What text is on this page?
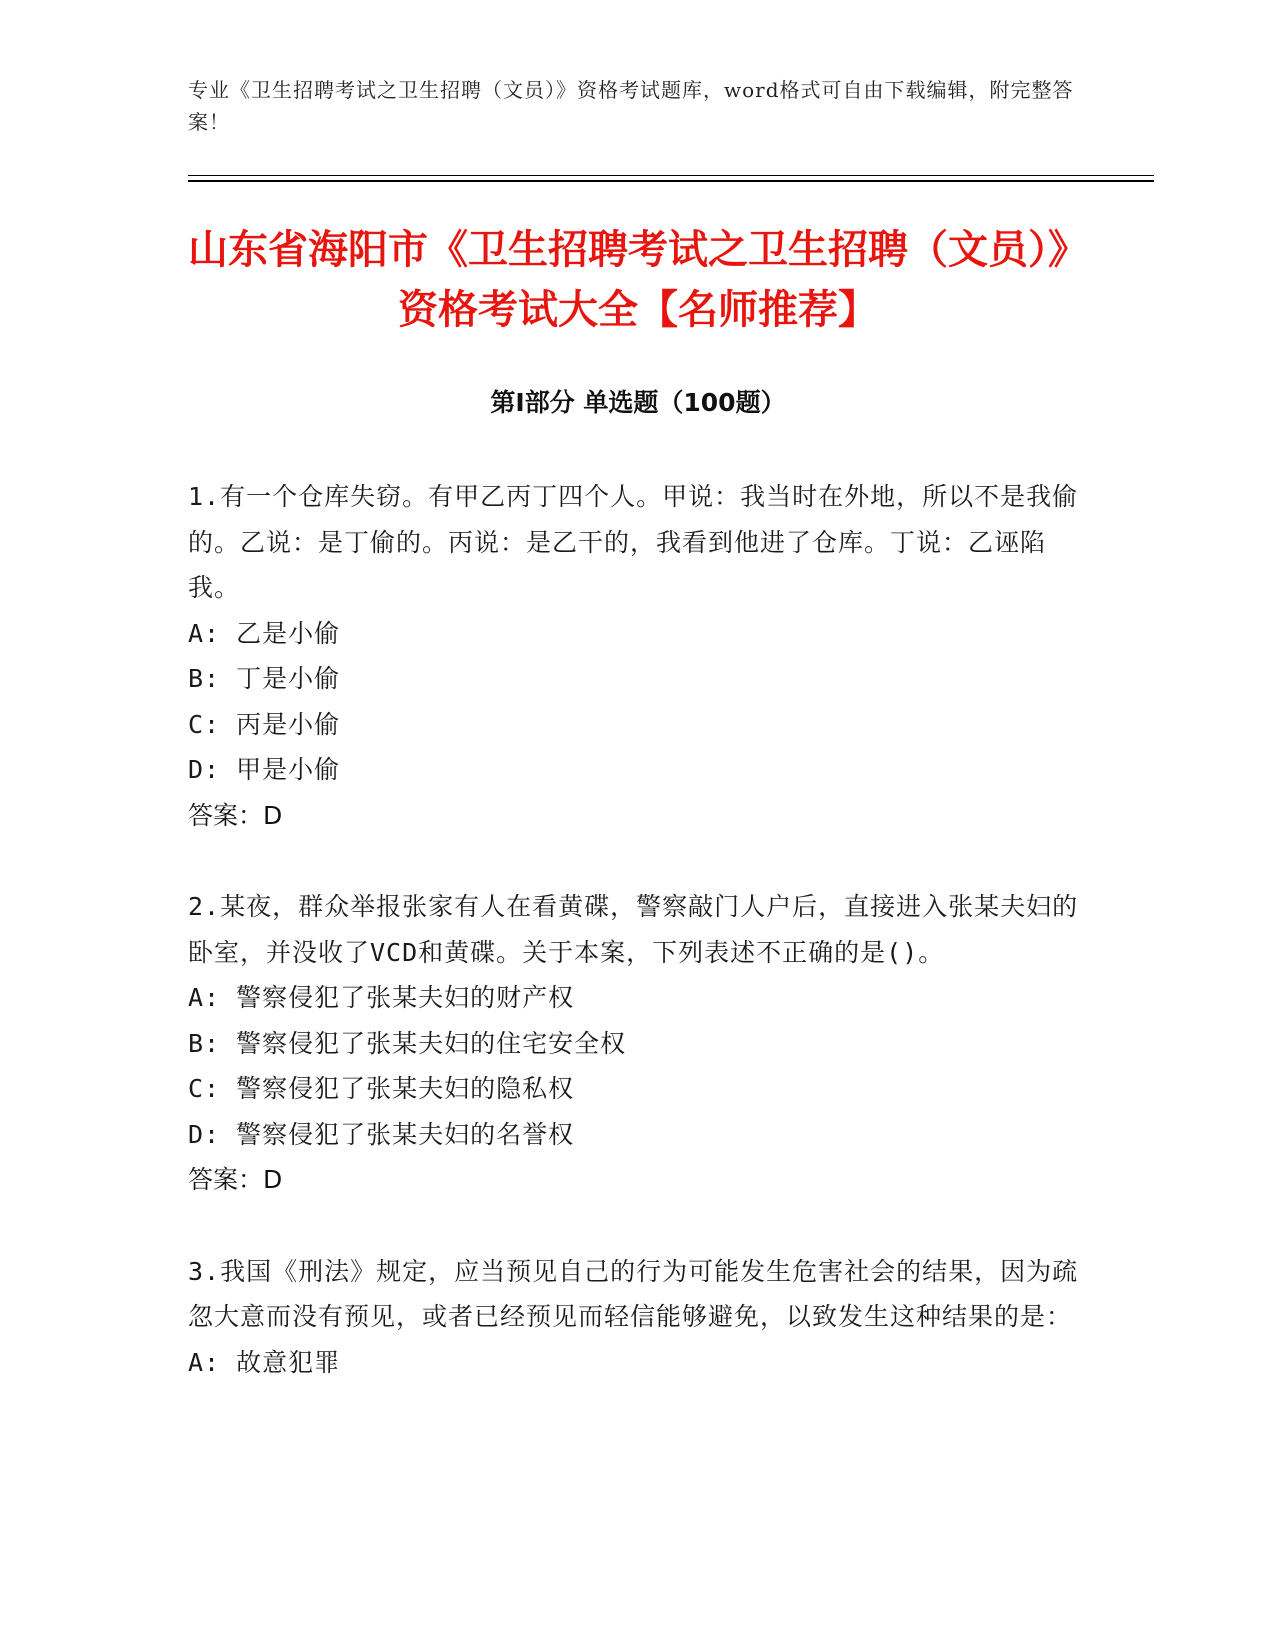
专业《卫生招聘考试之卫生招聘（文员）》资格考试题库，word格式可自由下载编辑，附完整答案！

山东省海阳市《卫生招聘考试之卫生招聘（文员）》资格考试大全【名师推荐】
第I部分 单选题（100题）

1.有一个仓库失窃。有甲乙丙丁四个人。甲说：我当时在外地，所以不是我偷的。乙说：是丁偷的。丙说：是乙干的，我看到他进了仓库。丁说：乙诬陷我。

A: 乙是小偷

B: 丁是小偷

C: 丙是小偷

D: 甲是小偷

答案：D

2.某夜，群众举报张家有人在看黄碟，警察敲门人户后，直接进入张某夫妇的卧室，并没收了VCD和黄碟。关于本案，下列表述不正确的是()。

A: 警察侵犯了张某夫妇的财产权

B: 警察侵犯了张某夫妇的住宅安全权

C: 警察侵犯了张某夫妇的隐私权

D: 警察侵犯了张某夫妇的名誉权

答案：D

3.我国《刑法》规定，应当预见自己的行为可能发生危害社会的结果，因为疏忽大意而没有预见，或者已经预见而轻信能够避免，以致发生这种结果的是：

A: 故意犯罪
